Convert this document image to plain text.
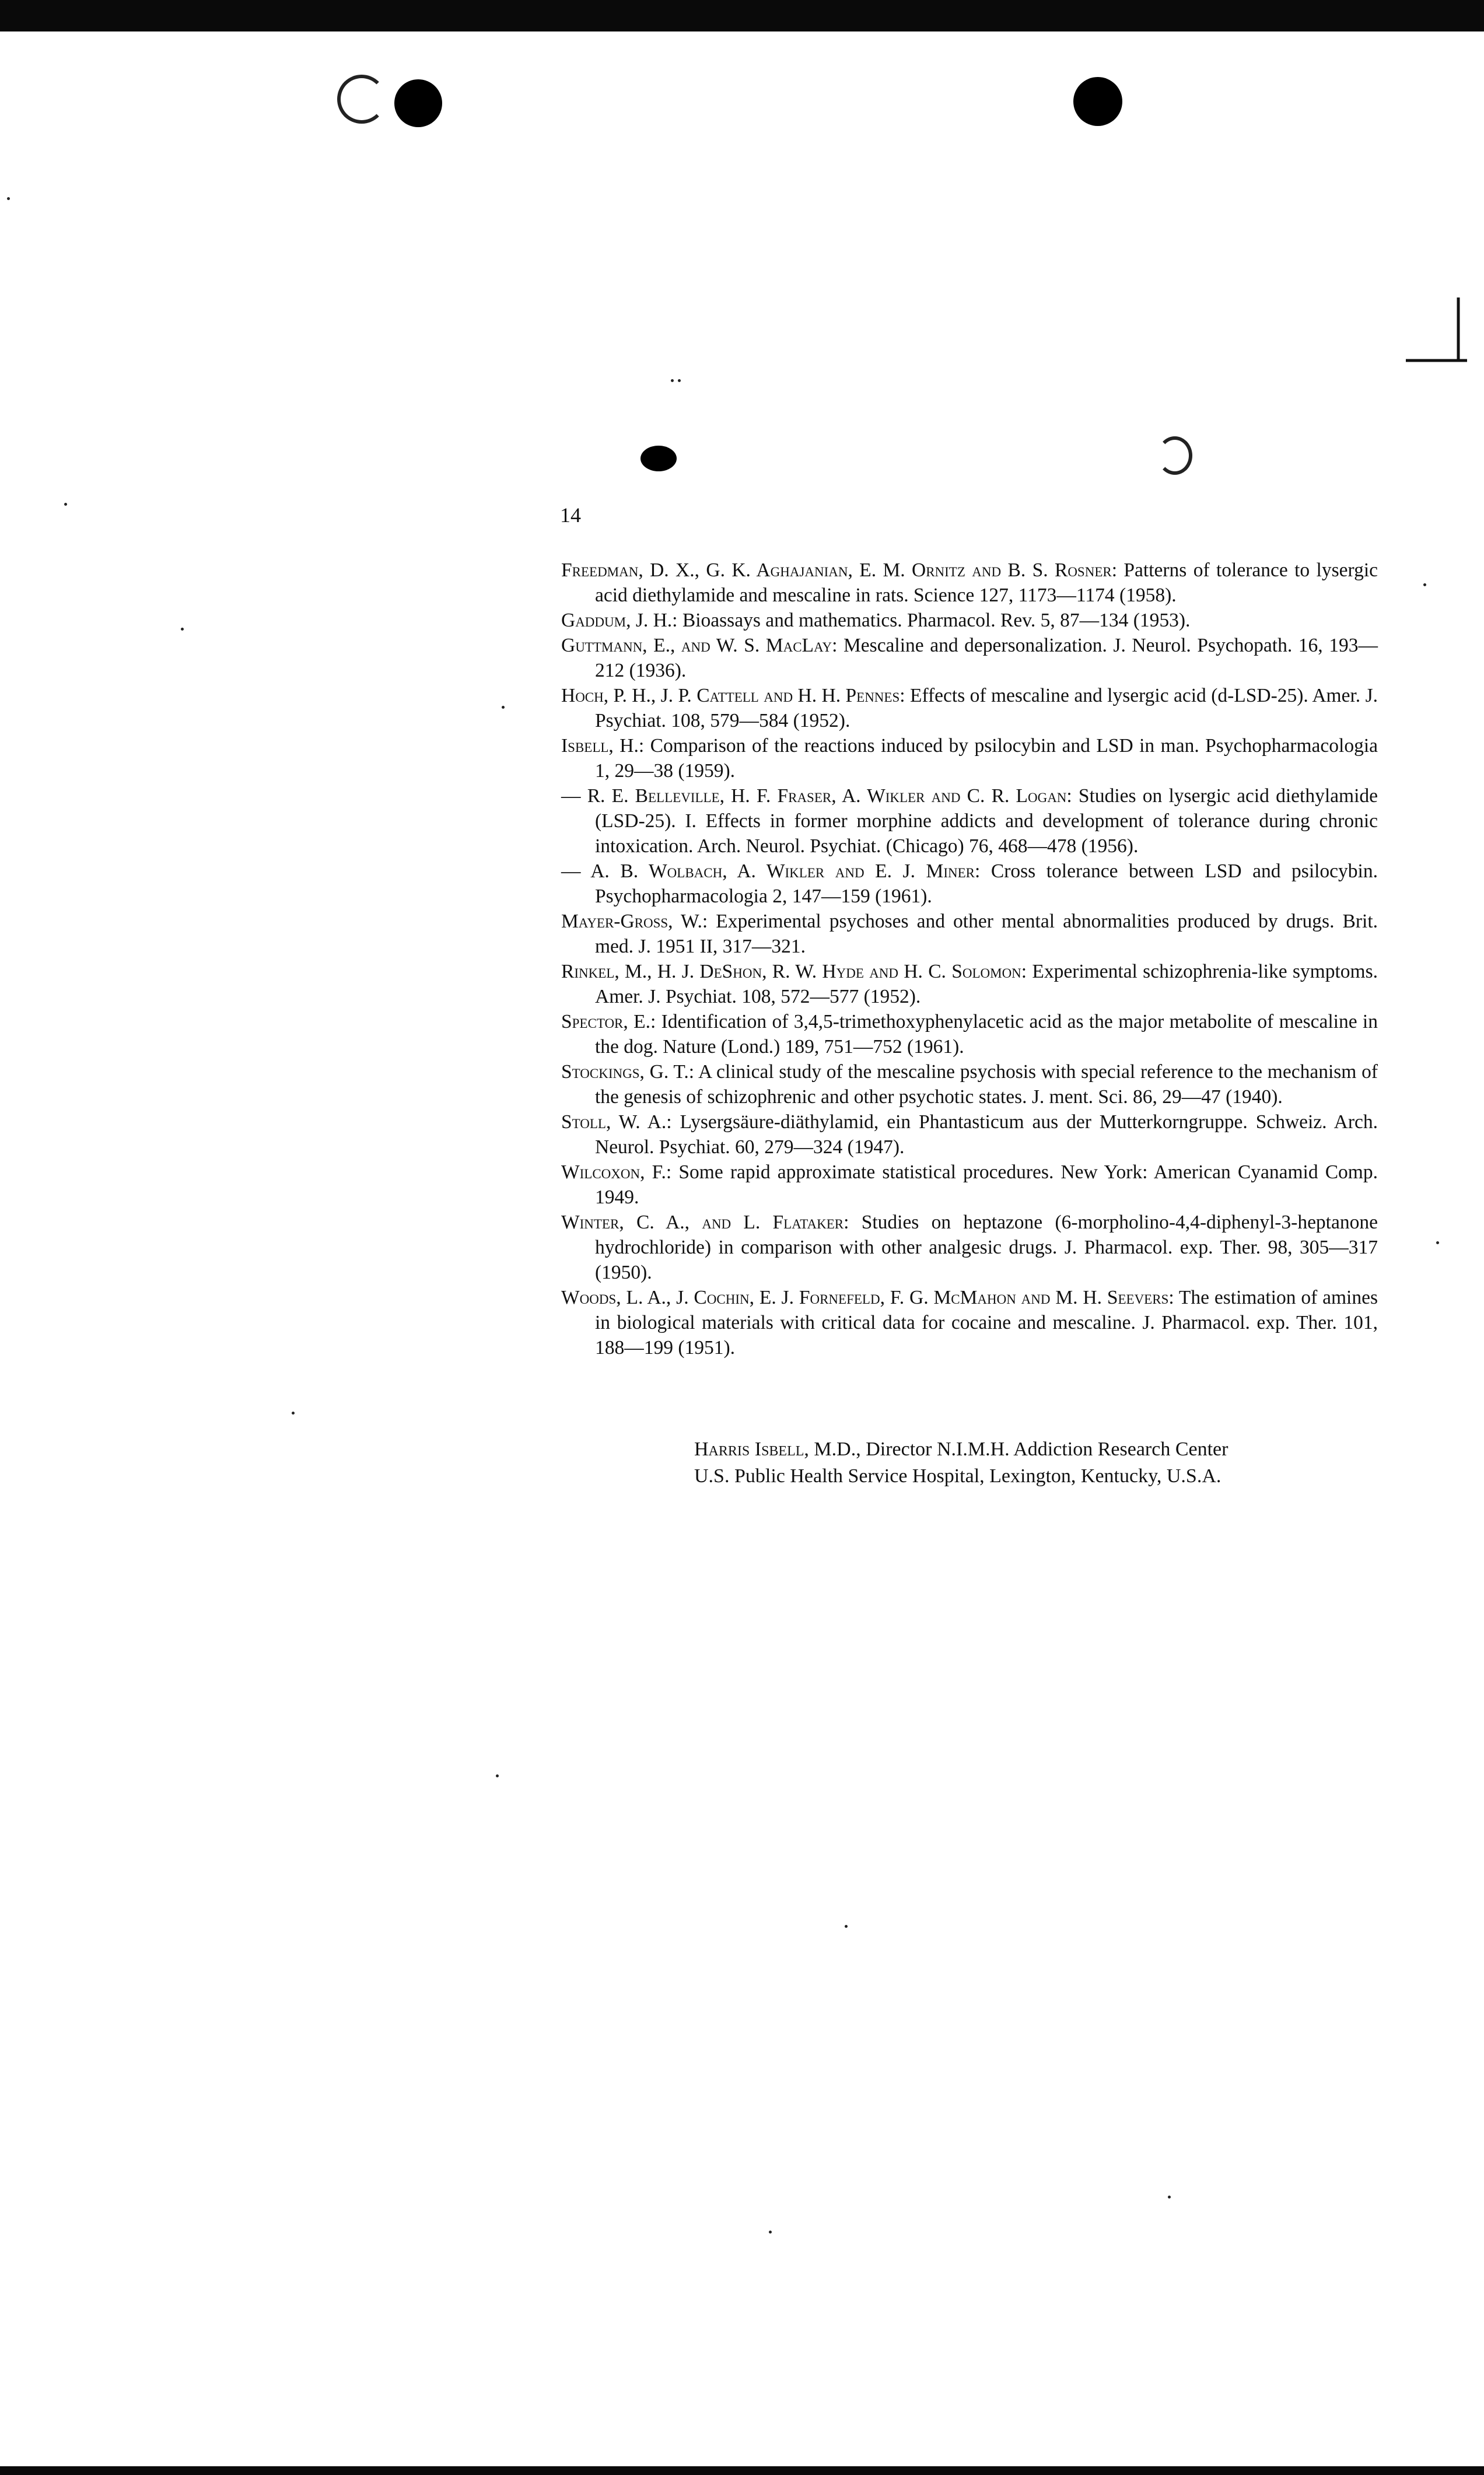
14

Freedman, D. X., G. K. Aghajanian, E. M. Ornitz and B. S. Rosner: Patterns of tolerance to lysergic acid diethylamide and mescaline in rats. Science 127, 1173—1174 (1958).

Gaddum, J. H.: Bioassays and mathematics. Pharmacol. Rev. 5, 87—134 (1953).

Guttmann, E., and W. S. MacLay: Mescaline and depersonalization. J. Neurol. Psychopath. 16, 193—212 (1936).

Hoch, P. H., J. P. Cattell and H. H. Pennes: Effects of mescaline and lysergic acid (d-LSD-25). Amer. J. Psychiat. 108, 579—584 (1952).

Isbell, H.: Comparison of the reactions induced by psilocybin and LSD in man. Psychopharmacologia 1, 29—38 (1959).

— R. E. Belleville, H. F. Fraser, A. Wikler and C. R. Logan: Studies on lysergic acid diethylamide (LSD-25). I. Effects in former morphine addicts and development of tolerance during chronic intoxication. Arch. Neurol. Psychiat. (Chicago) 76, 468—478 (1956).

— A. B. Wolbach, A. Wikler and E. J. Miner: Cross tolerance between LSD and psilocybin. Psychopharmacologia 2, 147—159 (1961).

Mayer-Gross, W.: Experimental psychoses and other mental abnormalities produced by drugs. Brit. med. J. 1951 II, 317—321.

Rinkel, M., H. J. DeShon, R. W. Hyde and H. C. Solomon: Experimental schizophrenia-like symptoms. Amer. J. Psychiat. 108, 572—577 (1952).

Spector, E.: Identification of 3,4,5-trimethoxyphenylacetic acid as the major metabolite of mescaline in the dog. Nature (Lond.) 189, 751—752 (1961).

Stockings, G. T.: A clinical study of the mescaline psychosis with special reference to the mechanism of the genesis of schizophrenic and other psychotic states. J. ment. Sci. 86, 29—47 (1940).

Stoll, W. A.: Lysergsäure-diäthylamid, ein Phantasticum aus der Mutterkorngruppe. Schweiz. Arch. Neurol. Psychiat. 60, 279—324 (1947).

Wilcoxon, F.: Some rapid approximate statistical procedures. New York: American Cyanamid Comp. 1949.

Winter, C. A., and L. Flataker: Studies on heptazone (6-morpholino-4,4-diphenyl-3-heptanone hydrochloride) in comparison with other analgesic drugs. J. Pharmacol. exp. Ther. 98, 305—317 (1950).

Woods, L. A., J. Cochin, E. J. Fornefeld, F. G. McMahon and M. H. Seevers: The estimation of amines in biological materials with critical data for cocaine and mescaline. J. Pharmacol. exp. Ther. 101, 188—199 (1951).

Harris Isbell, M.D., Director N.I.M.H. Addiction Research Center
U.S. Public Health Service Hospital, Lexington, Kentucky, U.S.A.
